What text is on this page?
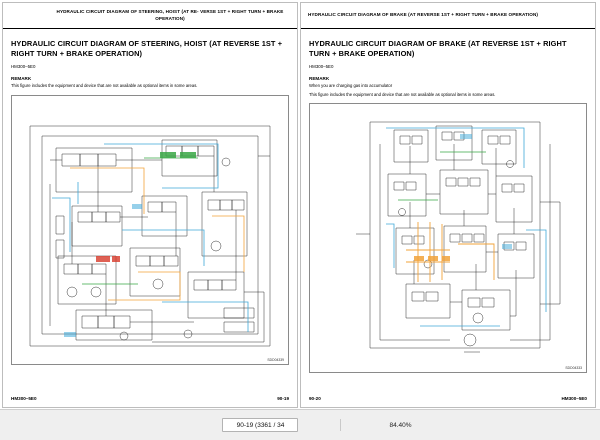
HYDRAULIC CIRCUIT DIAGRAM OF STEERING, HOIST (AT RE- VERSE 1ST + RIGHT TURN + BRAKE OPERATION)
HYDRAULIC CIRCUIT DIAGRAM OF STEERING, HOIST (AT REVERSE 1ST + RIGHT TURN + BRAKE OPERATION)
HM300–5E0
REMARK
This figure includes the equipment and device that are not available as optional items in some areas.
SDD04339
HM300–5E0	90-19
HYDRAULIC CIRCUIT DIAGRAM OF BRAKE (AT REVERSE 1ST + RIGHT TURN + BRAKE OPERATION)
HYDRAULIC CIRCUIT DIAGRAM OF BRAKE (AT REVERSE 1ST + RIGHT TURN + BRAKE OPERATION)
HM300–5E0
REMARK
When you are charging gas into accumulator
This figure includes the equipment and device that are not available as optional items in some areas.
SDD04333
90-20	HM300–5E0
90-19 (3361 / 34	84.40%
